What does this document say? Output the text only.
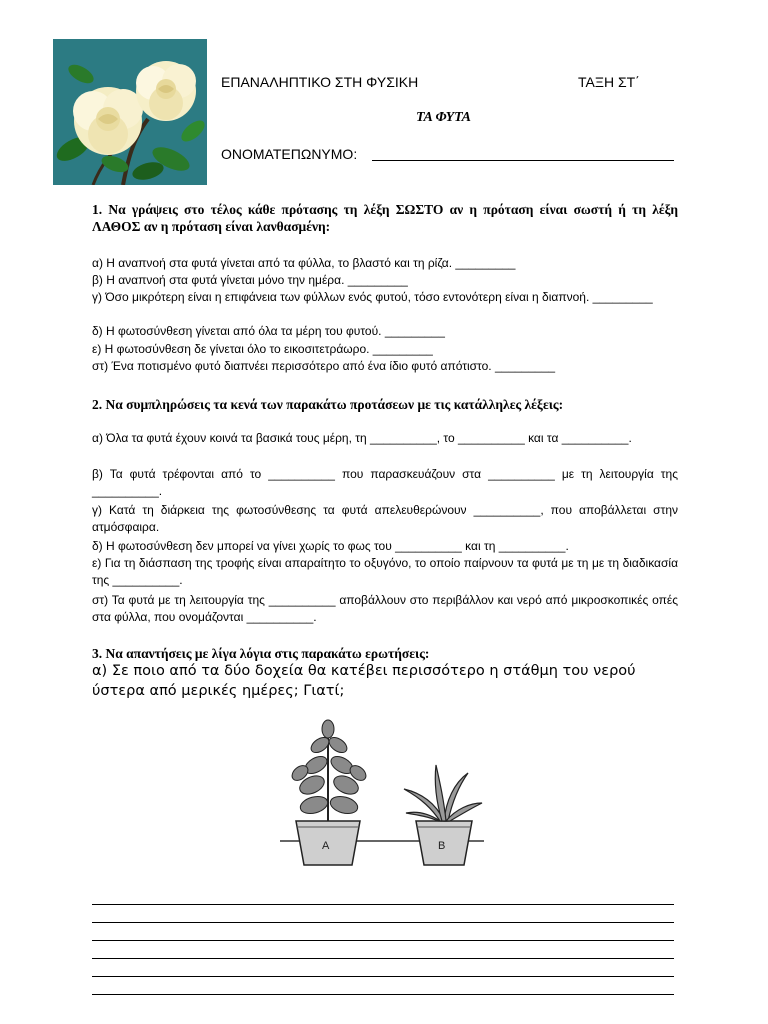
ΕΠΑΝΑΛΗΠΤΙΚΟ ΣΤΗ ΦΥΣΙΚΗ	ΤΑΞΗ ΣΤ΄
ΤΑ ΦΥΤΑ
ΟΝΟΜΑΤΕΠΩΝΥΜΟ:
1. Να γράψεις στο τέλος κάθε πρότασης τη λέξη ΣΩΣΤΟ αν η πρόταση είναι σωστή ή τη λέξη ΛΑΘΟΣ αν η πρόταση είναι λανθασμένη:
α) Η αναπνοή στα φυτά γίνεται από τα φύλλα, το βλαστό και τη ρίζα. _________
β) Η αναπνοή στα φυτά γίνεται μόνο την ημέρα. _________
γ) Όσο μικρότερη είναι η επιφάνεια των φύλλων ενός φυτού, τόσο εντονότερη είναι η διαπνοή. _________
δ) Η φωτοσύνθεση γίνεται από όλα τα μέρη του φυτού. _________
ε) Η φωτοσύνθεση δε γίνεται όλο το εικοσιτετράωρο. _________
στ) Ένα ποτισμένο φυτό διαπνέει περισσότερο από ένα ίδιο φυτό απότιστο. _________
2. Να συμπληρώσεις τα κενά των παρακάτω προτάσεων με τις κατάλληλες λέξεις:
α) Όλα τα φυτά έχουν κοινά τα βασικά τους μέρη, τη __________, το __________ και τα __________.
β) Τα φυτά τρέφονται από το __________ που παρασκευάζουν στα __________ με τη λειτουργία της __________.
γ) Κατά τη διάρκεια της φωτοσύνθεσης τα φυτά απελευθερώνουν __________, που αποβάλλεται στην ατμόσφαιρα.
δ) Η φωτοσύνθεση δεν μπορεί να γίνει χωρίς το φως του __________ και τη __________.
ε) Για τη διάσπαση της τροφής είναι απαραίτητο το οξυγόνο, το οποίο παίρνουν τα φυτά με τη με τη διαδικασία της __________.
στ) Τα φυτά με τη λειτουργία της __________ αποβάλλουν στο περιβάλλον και νερό από μικροσκοπικές οπές στα φύλλα, που ονομάζονται __________.
3. Να απαντήσεις με λίγα λόγια στις παρακάτω ερωτήσεις:
α) Σε ποιο από τα δύο δοχεία θα κατέβει περισσότερο η στάθμη του νερού ύστερα από μερικές ημέρες; Γιατί;
Α	Β
